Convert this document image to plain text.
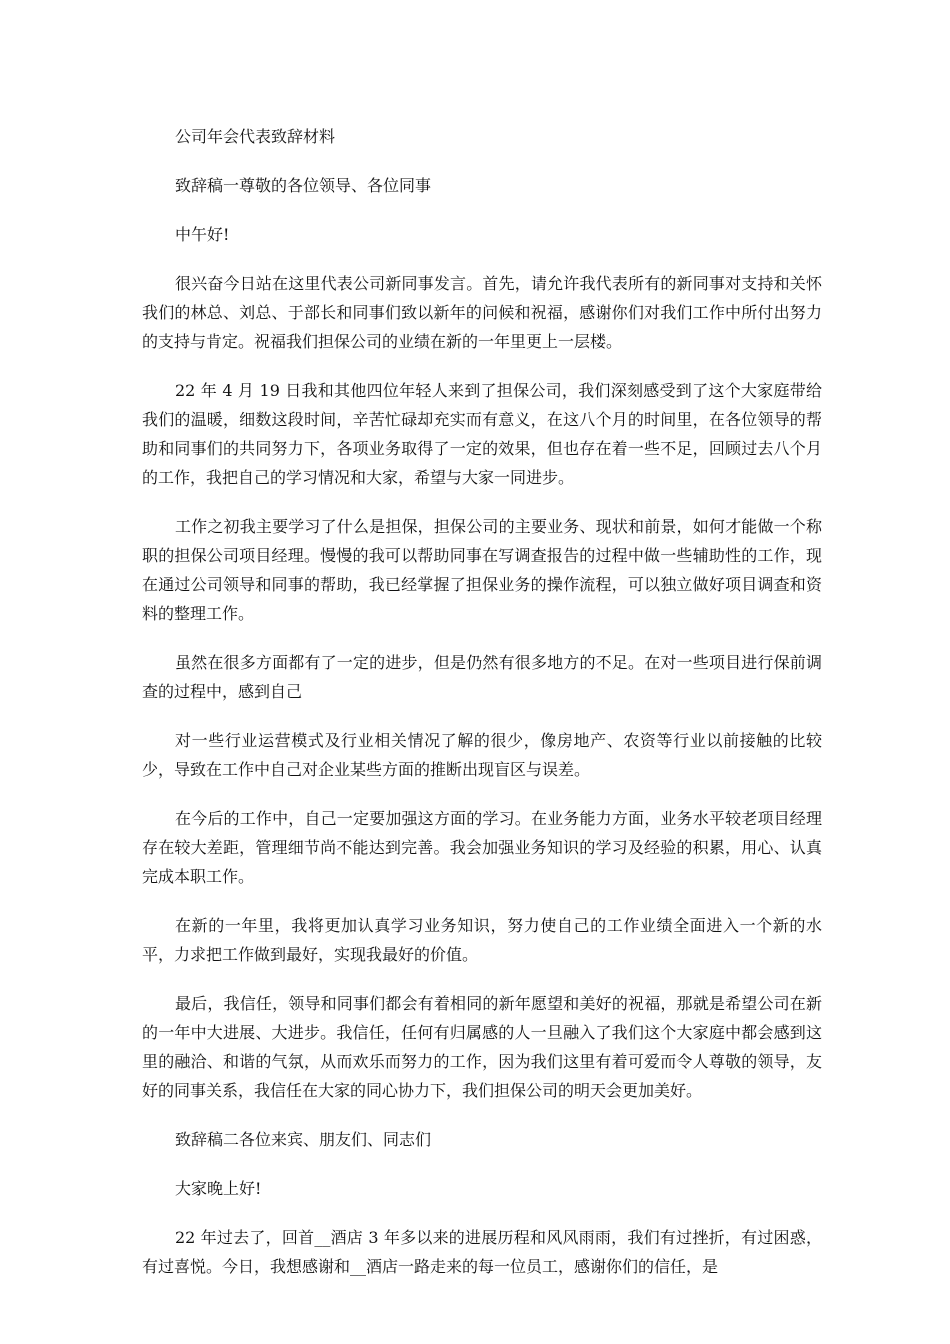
公司年会代表致辞材料

致辞稿一尊敬的各位领导、各位同事

中午好!

很兴奋今日站在这里代表公司新同事发言。首先，请允许我代表所有的新同事对支持和关怀我们的林总、刘总、于部长和同事们致以新年的问候和祝福，感谢你们对我们工作中所付出努力的支持与肯定。祝福我们担保公司的业绩在新的一年里更上一层楼。

22 年 4 月 19 日我和其他四位年轻人来到了担保公司，我们深刻感受到了这个大家庭带给我们的温暖，细数这段时间，辛苦忙碌却充实而有意义，在这八个月的时间里，在各位领导的帮助和同事们的共同努力下，各项业务取得了一定的效果，但也存在着一些不足，回顾过去八个月的工作，我把自己的学习情况和大家，希望与大家一同进步。

工作之初我主要学习了什么是担保，担保公司的主要业务、现状和前景，如何才能做一个称职的担保公司项目经理。慢慢的我可以帮助同事在写调查报告的过程中做一些辅助性的工作，现在通过公司领导和同事的帮助，我已经掌握了担保业务的操作流程，可以独立做好项目调查和资料的整理工作。

虽然在很多方面都有了一定的进步，但是仍然有很多地方的不足。在对一些项目进行保前调查的过程中，感到自己

对一些行业运营模式及行业相关情况了解的很少，像房地产、农资等行业以前接触的比较少，导致在工作中自己对企业某些方面的推断出现盲区与误差。

在今后的工作中，自己一定要加强这方面的学习。在业务能力方面，业务水平较老项目经理存在较大差距，管理细节尚不能达到完善。我会加强业务知识的学习及经验的积累，用心、认真完成本职工作。

在新的一年里，我将更加认真学习业务知识，努力使自己的工作业绩全面进入一个新的水平，力求把工作做到最好，实现我最好的价值。

最后，我信任，领导和同事们都会有着相同的新年愿望和美好的祝福，那就是希望公司在新的一年中大进展、大进步。我信任，任何有归属感的人一旦融入了我们这个大家庭中都会感到这里的融洽、和谐的气氛，从而欢乐而努力的工作，因为我们这里有着可爱而令人尊敬的领导，友好的同事关系，我信任在大家的同心协力下，我们担保公司的明天会更加美好。

致辞稿二各位来宾、朋友们、同志们

大家晚上好!

22 年过去了，回首__酒店 3 年多以来的进展历程和风风雨雨，我们有过挫折，有过困惑，有过喜悦。今日，我想感谢和__酒店一路走来的每一位员工，感谢你们的信任，是
